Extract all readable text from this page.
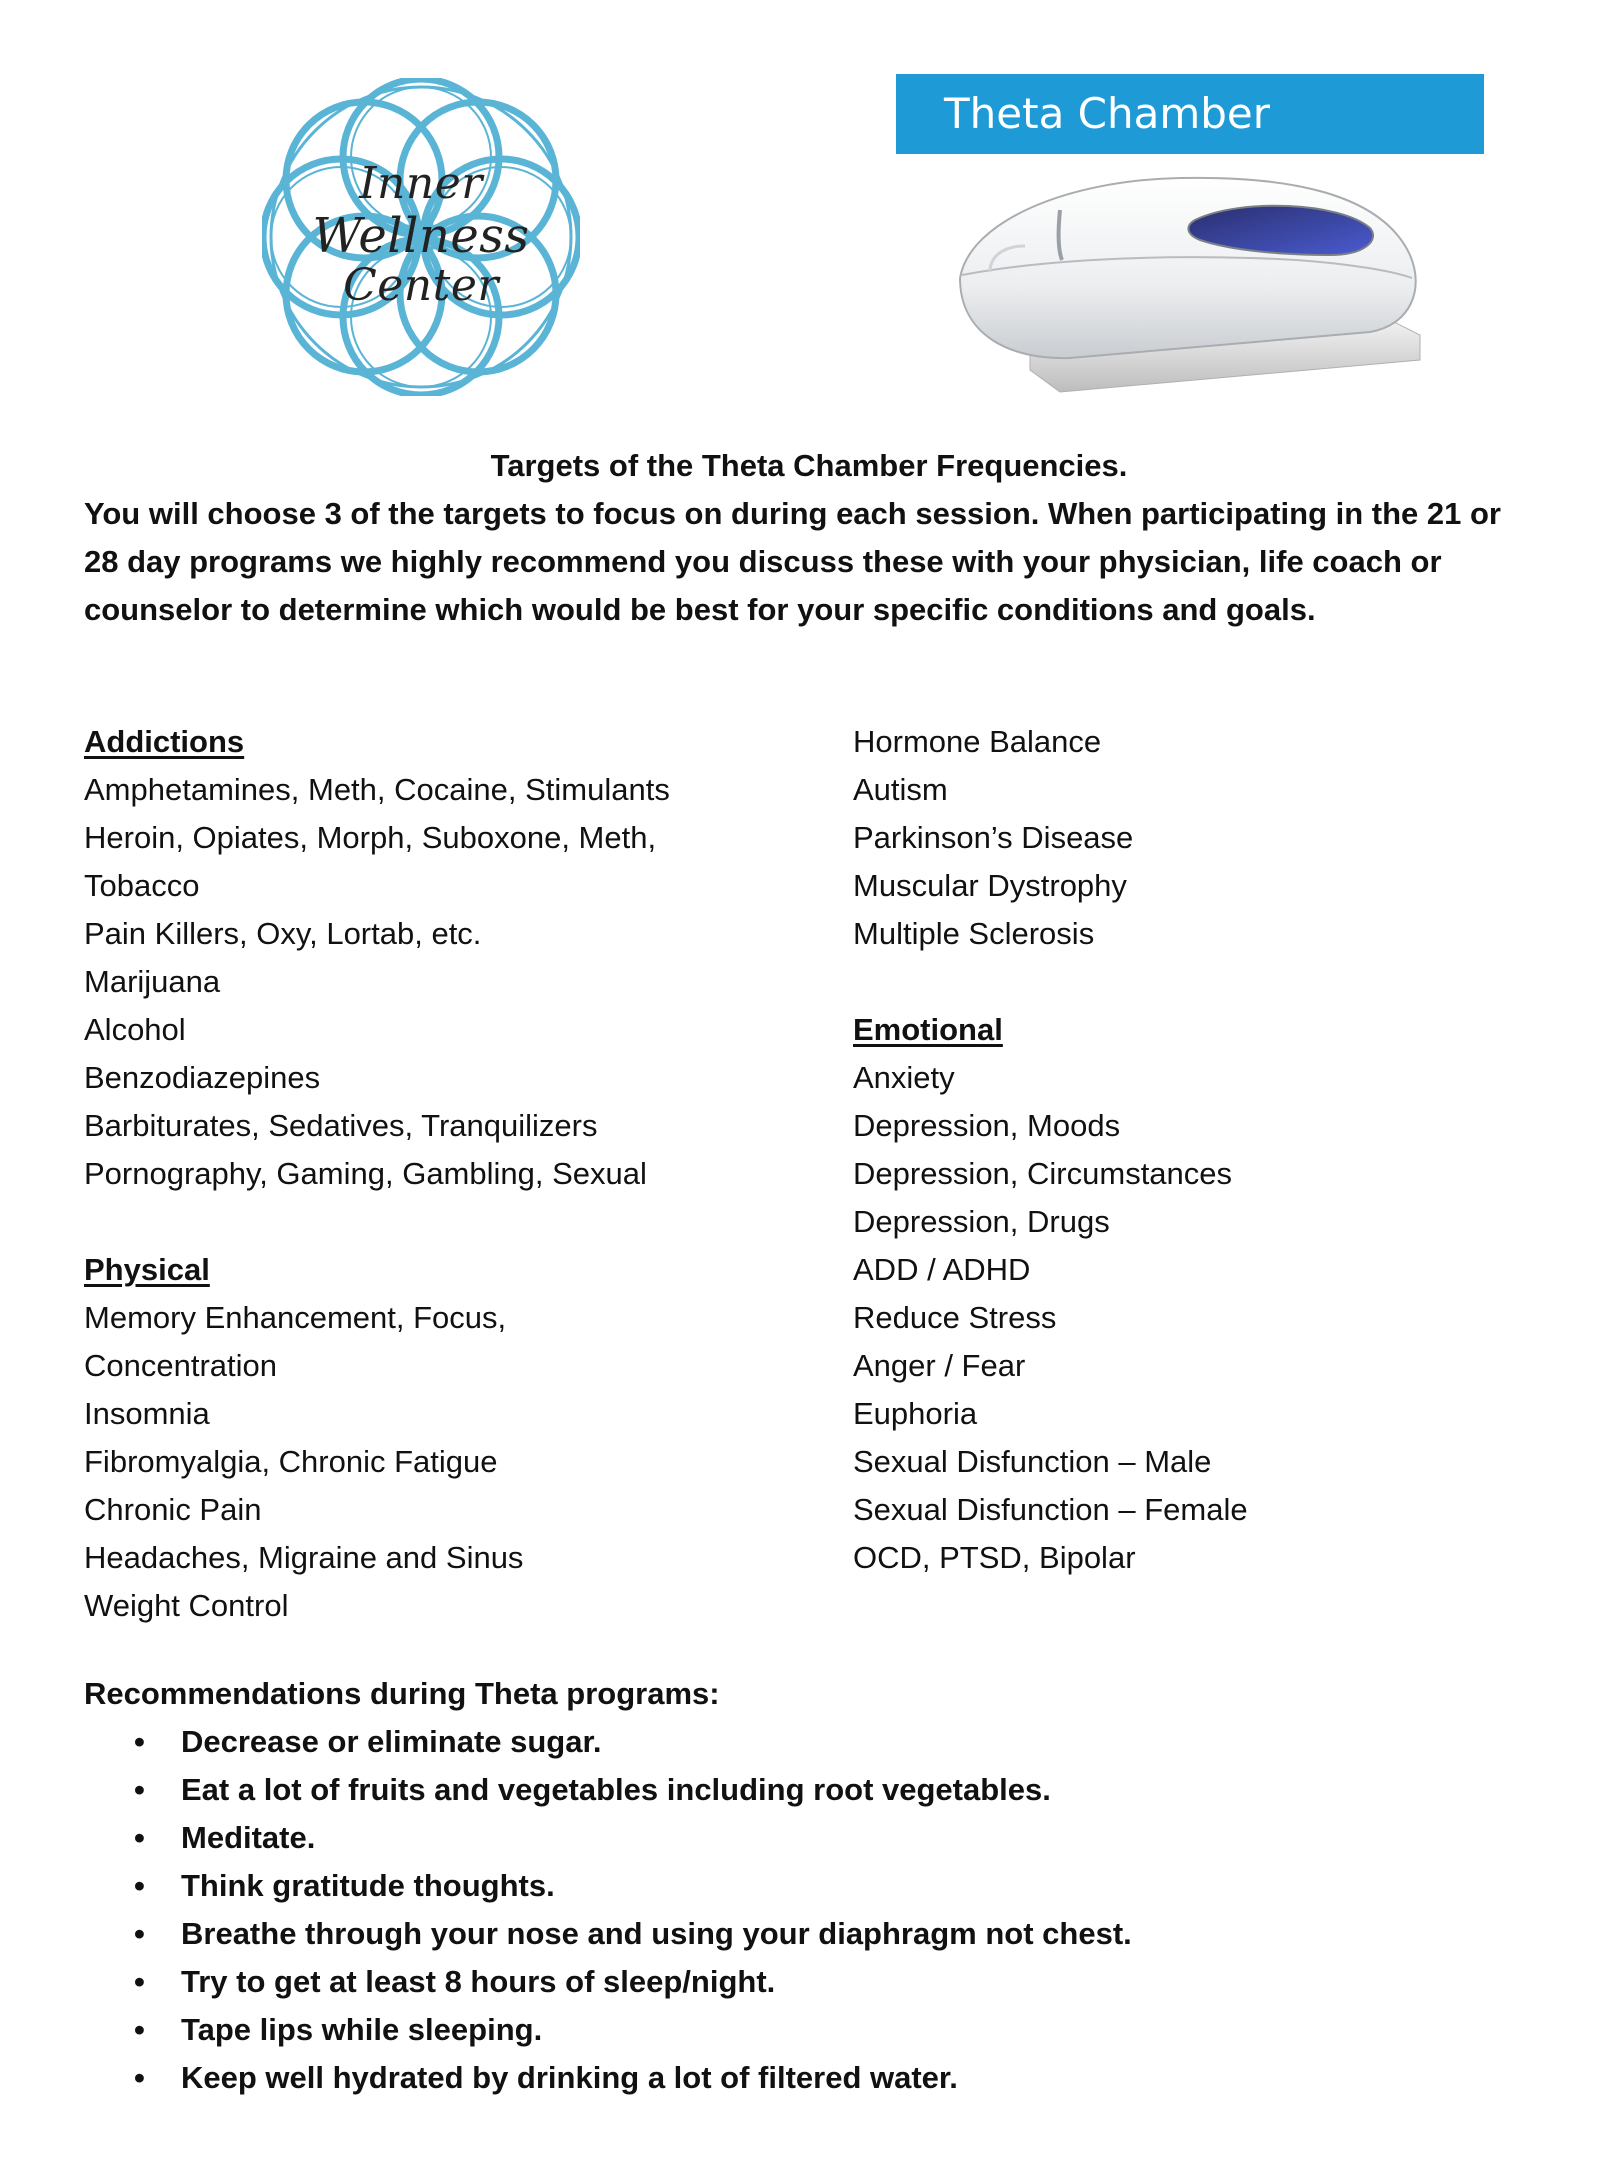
Inner
Wellness
Center
Theta Chamber
Targets of the Theta Chamber Frequencies.
You will choose 3 of the targets to focus on during each session. When participating in the 21 or 28 day programs we highly recommend you discuss these with your physician, life coach or counselor to determine which would be best for your specific conditions and goals.
Addictions
Amphetamines, Meth, Cocaine, Stimulants
Heroin, Opiates, Morph, Suboxone, Meth,
Tobacco
Pain Killers, Oxy, Lortab, etc.
Marijuana
Alcohol
Benzodiazepines
Barbiturates, Sedatives, Tranquilizers
Pornography, Gaming, Gambling, Sexual
Physical
Memory Enhancement, Focus,
Concentration
Insomnia
Fibromyalgia, Chronic Fatigue
Chronic Pain
Headaches, Migraine and Sinus
Weight Control
Hormone Balance
Autism
Parkinson’s Disease
Muscular Dystrophy
Multiple Sclerosis
Emotional
Anxiety
Depression, Moods
Depression, Circumstances
Depression, Drugs
ADD / ADHD
Reduce Stress
Anger / Fear
Euphoria
Sexual Disfunction – Male
Sexual Disfunction – Female
OCD, PTSD, Bipolar
Recommendations during Theta programs:
• Decrease or eliminate sugar.
• Eat a lot of fruits and vegetables including root vegetables.
• Meditate.
• Think gratitude thoughts.
• Breathe through your nose and using your diaphragm not chest.
• Try to get at least 8 hours of sleep/night.
• Tape lips while sleeping.
• Keep well hydrated by drinking a lot of filtered water.
